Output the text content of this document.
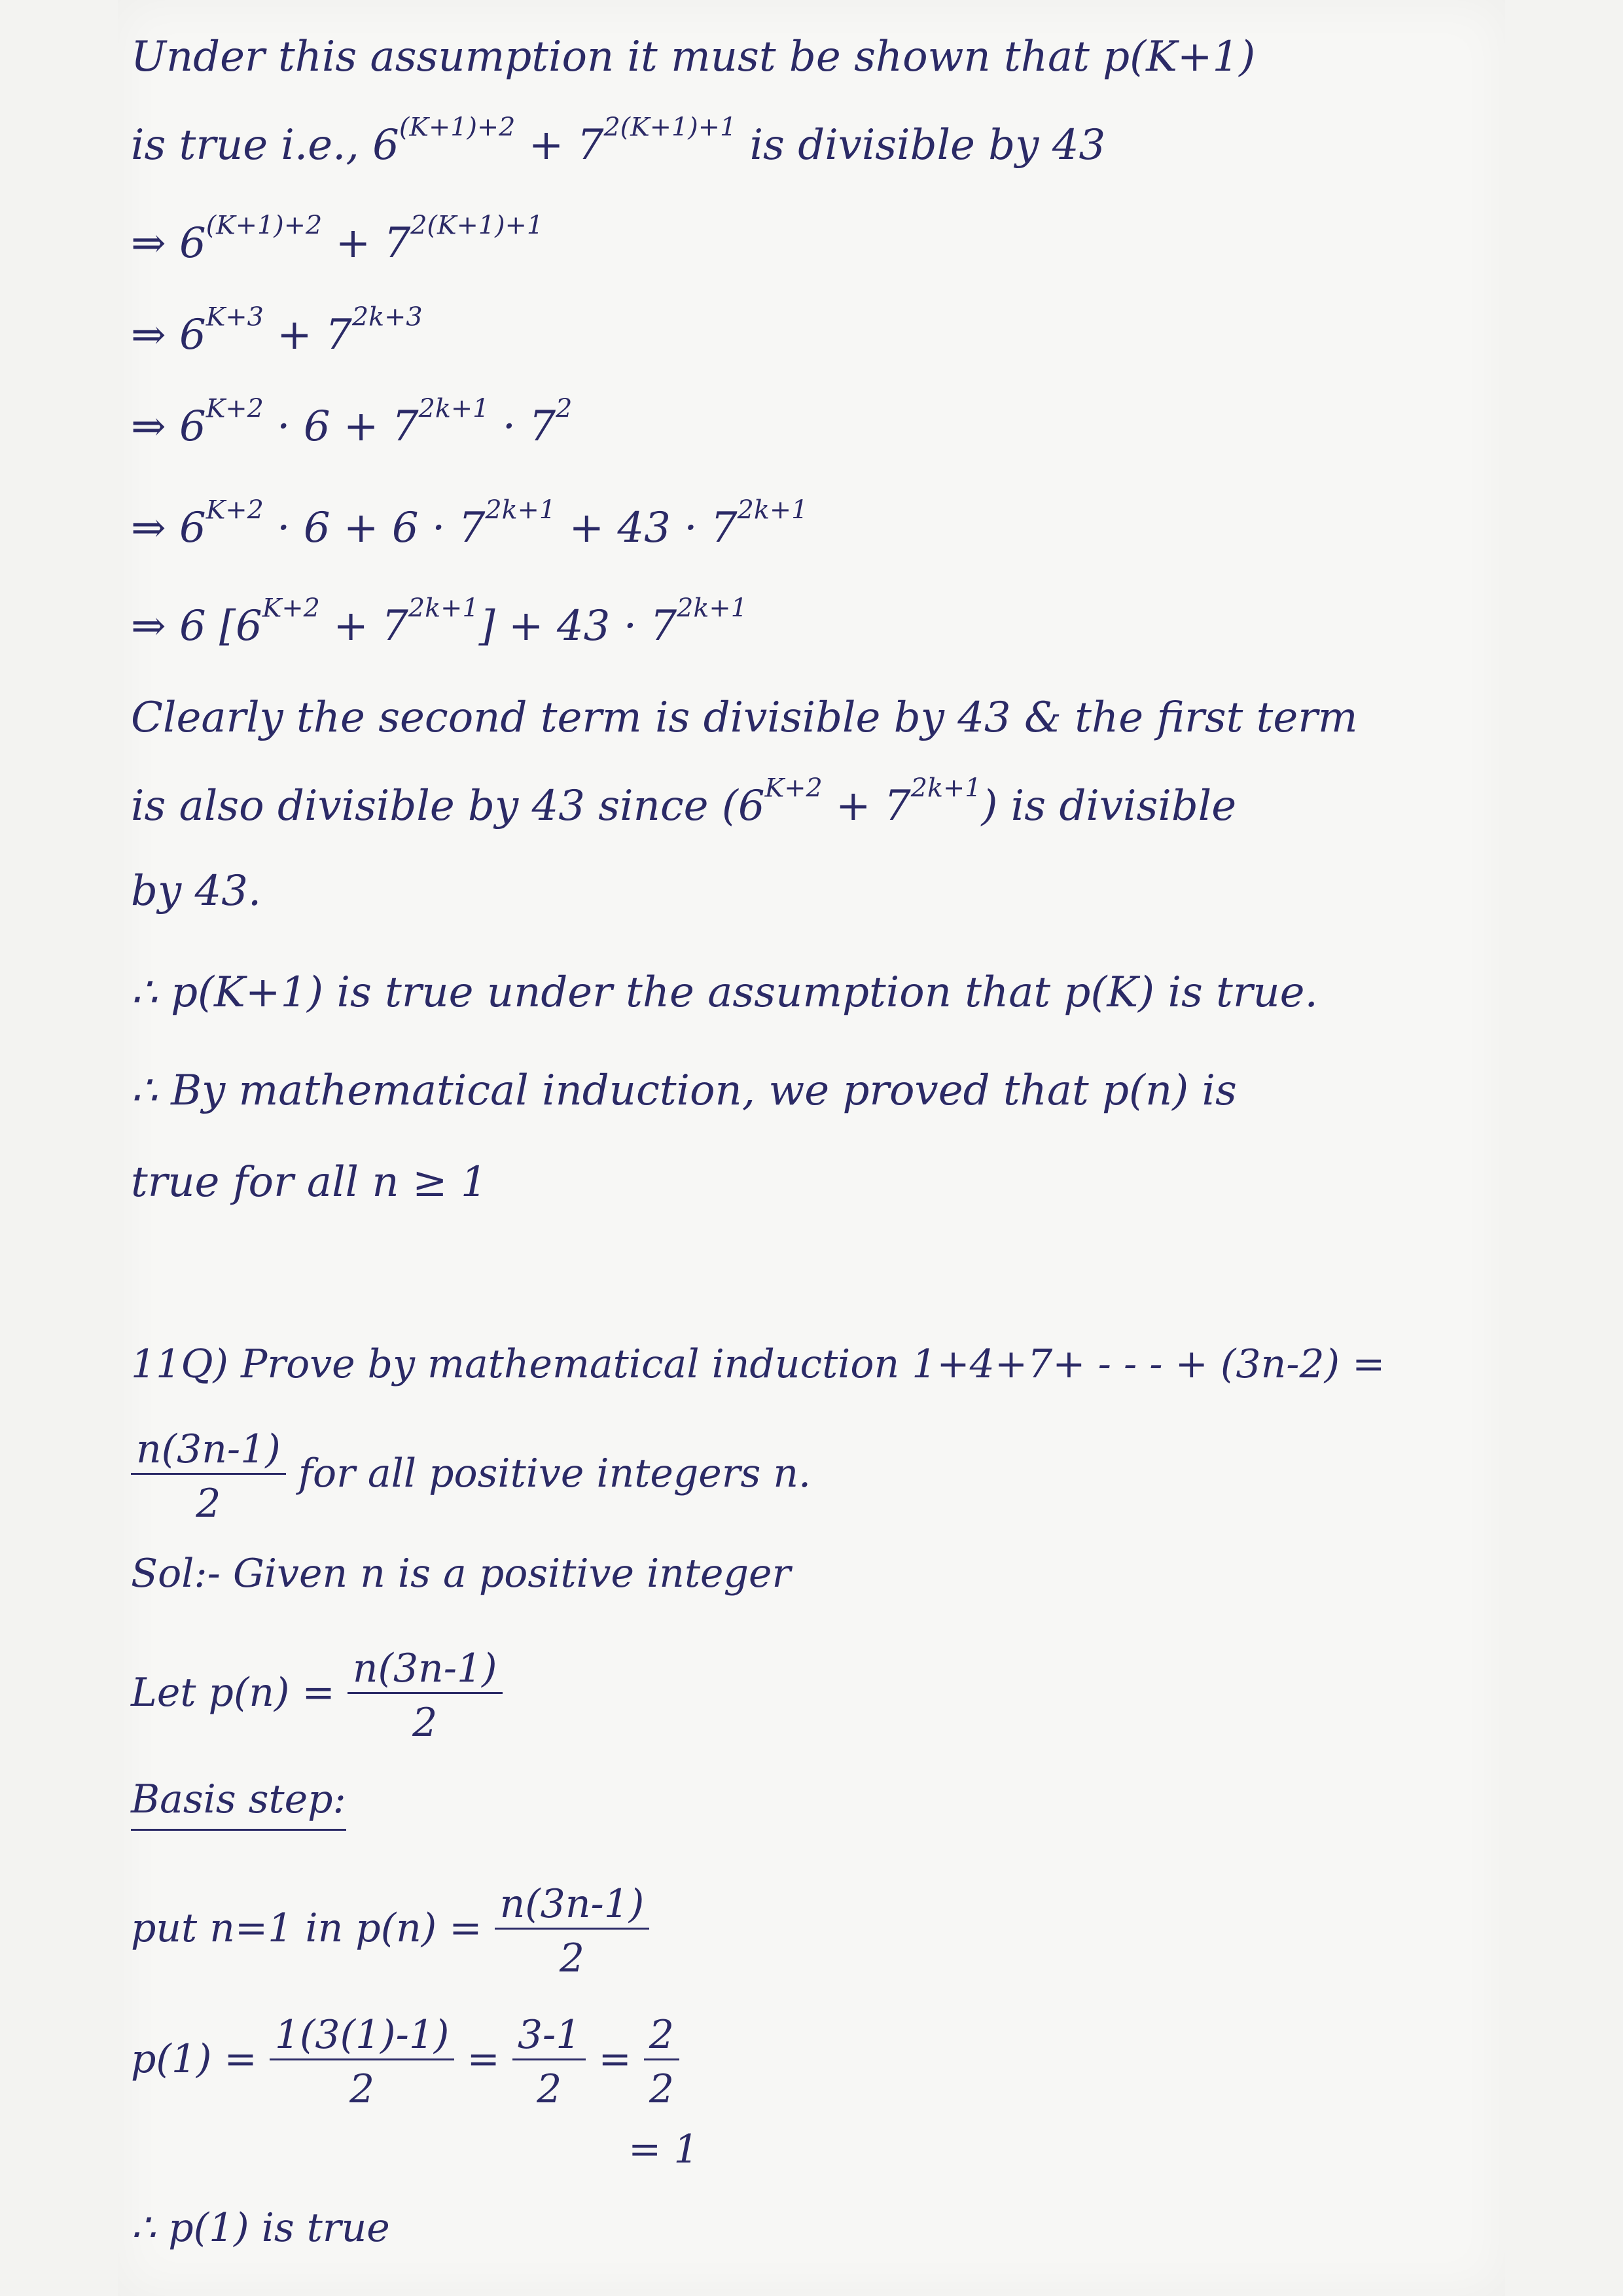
Under this assumption it must be shown that p(K+1)
is true i.e., $6^{(K+1)+2} + 7^{2(K+1)+1}$ is divisible by 43
⇒ $6^{(K+1)+2} + 7^{2(K+1)+1}$
⇒ $6^{K+3} + 7^{2k+3}$
⇒ $6^{K+2} \cdot 6 + 7^{2k+1} \cdot 7^2$
⇒ $6^{K+2} \cdot 6 + 6 \cdot 7^{2k+1} + 43 \cdot 7^{2k+1}$
⇒ 6 $[6^{K+2} + 7^{2k+1}] + 43 \cdot 7^{2k+1}$
Clearly the second term is divisible by 43 & the first term
is also divisible by 43 since $(6^{K+2} + 7^{2k+1})$ is divisible
by 43.
∴ p(K+1) is true under the assumption that p(K) is true.
∴ By mathematical induction, we proved that p(n) is
true for all n ≥ 1
11Q) Prove by mathematical induction 1+4+7+ - - - + (3n-2) =
$\frac{n(3n-1)}{2}$ for all positive integers n.
Sol:- Given n is a positive integer
Let $p(n) = \frac{n(3n-1)}{2}$
Basis step:
put n=1 in $p(n) = \frac{n(3n-1)}{2}$
$p(1) = \frac{1(3(1)-1)}{2} = \frac{3-1}{2} = \frac{2}{2}$
= 1
∴ p(1) is true
